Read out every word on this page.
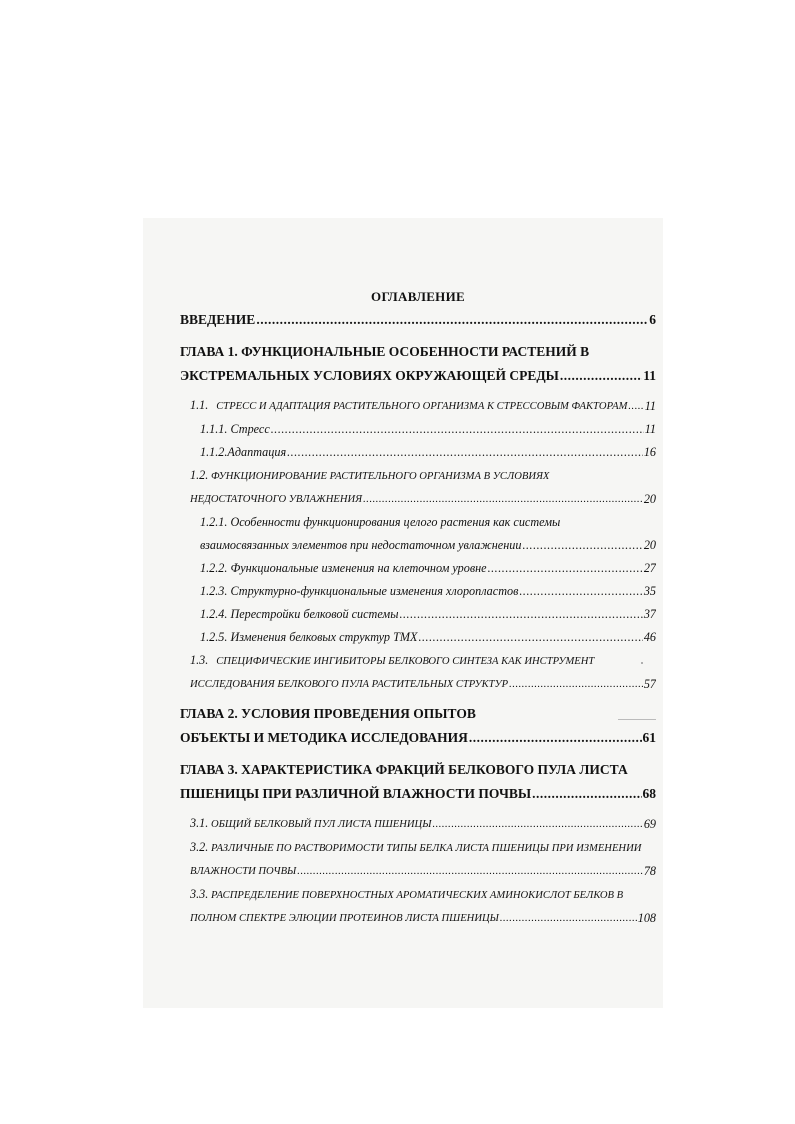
ОГЛАВЛЕНИЕ
ВВЕДЕНИЕ .....	6
ГЛАВА 1. ФУНКЦИОНАЛЬНЫЕ ОСОБЕННОСТИ РАСТЕНИЙ В
ЭКСТРЕМАЛЬНЫХ УСЛОВИЯХ ОКРУЖАЮЩЕЙ СРЕДЫ .....	11
1.1. СТРЕСС И АДАПТАЦИЯ РАСТИТЕЛЬНОГО ОРГАНИЗМА К СТРЕССОВЫМ ФАКТОРАМ ..... 11
1.1.1. Стресс .....	11
1.1.2.Адаптация .....	16
1.2. ФУНКЦИОНИРОВАНИЕ РАСТИТЕЛЬНОГО ОРГАНИЗМА В УСЛОВИЯХ
НЕДОСТАТОЧНОГО УВЛАЖНЕНИЯ .....	20
1.2.1. Особенности функционирования целого растения как системы
взаимосвязанных элементов при недостаточном увлажнении .....	20
1.2.2. Функциональные изменения на клеточном уровне .....	27
1.2.3. Структурно-функциональные изменения хлоропластов .....	35
1.2.4. Перестройки белковой системы .....	37
1.2.5. Изменения белковых структур ТМХ .....	46
1.3. СПЕЦИФИЧЕСКИЕ ИНГИБИТОРЫ БЕЛКОВОГО СИНТЕЗА КАК ИНСТРУМЕНТ
ИССЛЕДОВАНИЯ БЕЛКОВОГО ПУЛА РАСТИТЕЛЬНЫХ СТРУКТУР .....	57
ГЛАВА 2. УСЛОВИЯ ПРОВЕДЕНИЯ ОПЫТОВ
ОБЪЕКТЫ И МЕТОДИКА ИССЛЕДОВАНИЯ .....	61
ГЛАВА 3. ХАРАКТЕРИСТИКА ФРАКЦИЙ БЕЛКОВОГО ПУЛА ЛИСТА
ПШЕНИЦЫ ПРИ РАЗЛИЧНОЙ ВЛАЖНОСТИ ПОЧВЫ .....	68
3.1. ОБЩИЙ БЕЛКОВЫЙ ПУЛ ЛИСТА ПШЕНИЦЫ .....	69
3.2. РАЗЛИЧНЫЕ ПО РАСТВОРИМОСТИ ТИПЫ БЕЛКА ЛИСТА ПШЕНИЦЫ ПРИ ИЗМЕНЕНИИ
ВЛАЖНОСТИ ПОЧВЫ .....	78
3.3. РАСПРЕДЕЛЕНИЕ ПОВЕРХНОСТНЫХ АРОМАТИЧЕСКИХ АМИНОКИСЛОТ БЕЛКОВ В
ПОЛНОМ СПЕКТРЕ ЭЛЮЦИИ ПРОТЕИНОВ ЛИСТА ПШЕНИЦЫ .....	108
